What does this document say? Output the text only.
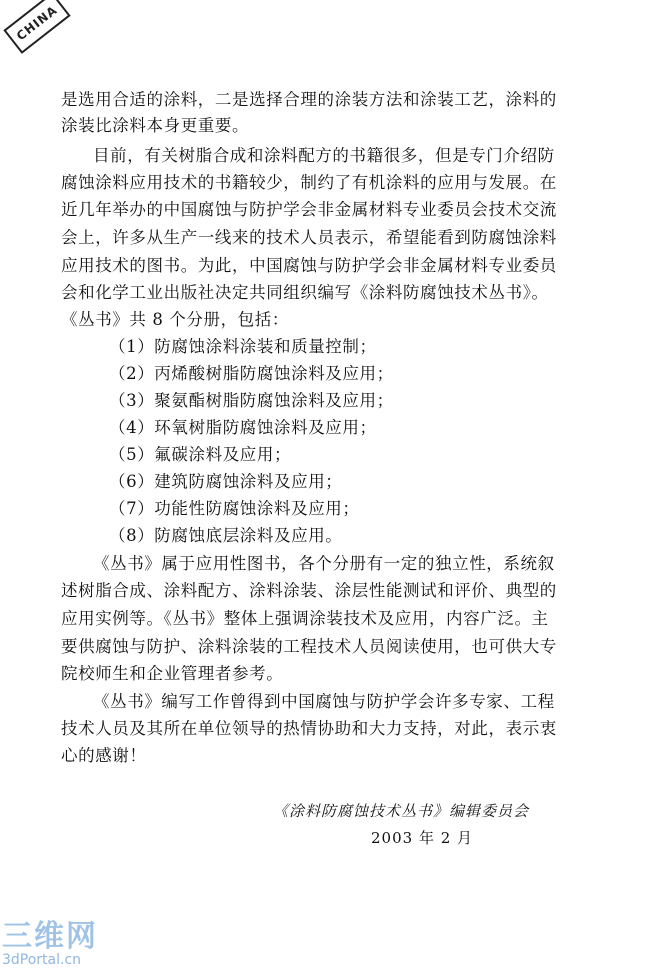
CHINA
是选用合适的涂料，二是选择合理的涂装方法和涂装工艺，涂料的
涂装比涂料本身更重要。
目前，有关树脂合成和涂料配方的书籍很多，但是专门介绍防
腐蚀涂料应用技术的书籍较少，制约了有机涂料的应用与发展。在
近几年举办的中国腐蚀与防护学会非金属材料专业委员会技术交流
会上，许多从生产一线来的技术人员表示，希望能看到防腐蚀涂料
应用技术的图书。为此，中国腐蚀与防护学会非金属材料专业委员
会和化学工业出版社决定共同组织编写《涂料防腐蚀技术丛书》。
《丛书》共 8 个分册，包括：
（1）防腐蚀涂料涂装和质量控制；
（2）丙烯酸树脂防腐蚀涂料及应用；
（3）聚氨酯树脂防腐蚀涂料及应用；
（4）环氧树脂防腐蚀涂料及应用；
（5）氟碳涂料及应用；
（6）建筑防腐蚀涂料及应用；
（7）功能性防腐蚀涂料及应用；
（8）防腐蚀底层涂料及应用。
《丛书》属于应用性图书，各个分册有一定的独立性，系统叙
述树脂合成、涂料配方、涂料涂装、涂层性能测试和评价、典型的
应用实例等。《丛书》整体上强调涂装技术及应用，内容广泛。主
要供腐蚀与防护、涂料涂装的工程技术人员阅读使用，也可供大专
院校师生和企业管理者参考。
《丛书》编写工作曾得到中国腐蚀与防护学会许多专家、工程
技术人员及其所在单位领导的热情协助和大力支持，对此，表示衷
心的感谢！
《涂料防腐蚀技术丛书》编辑委员会
2003 年 2 月
三维网
3dPortal.cn
